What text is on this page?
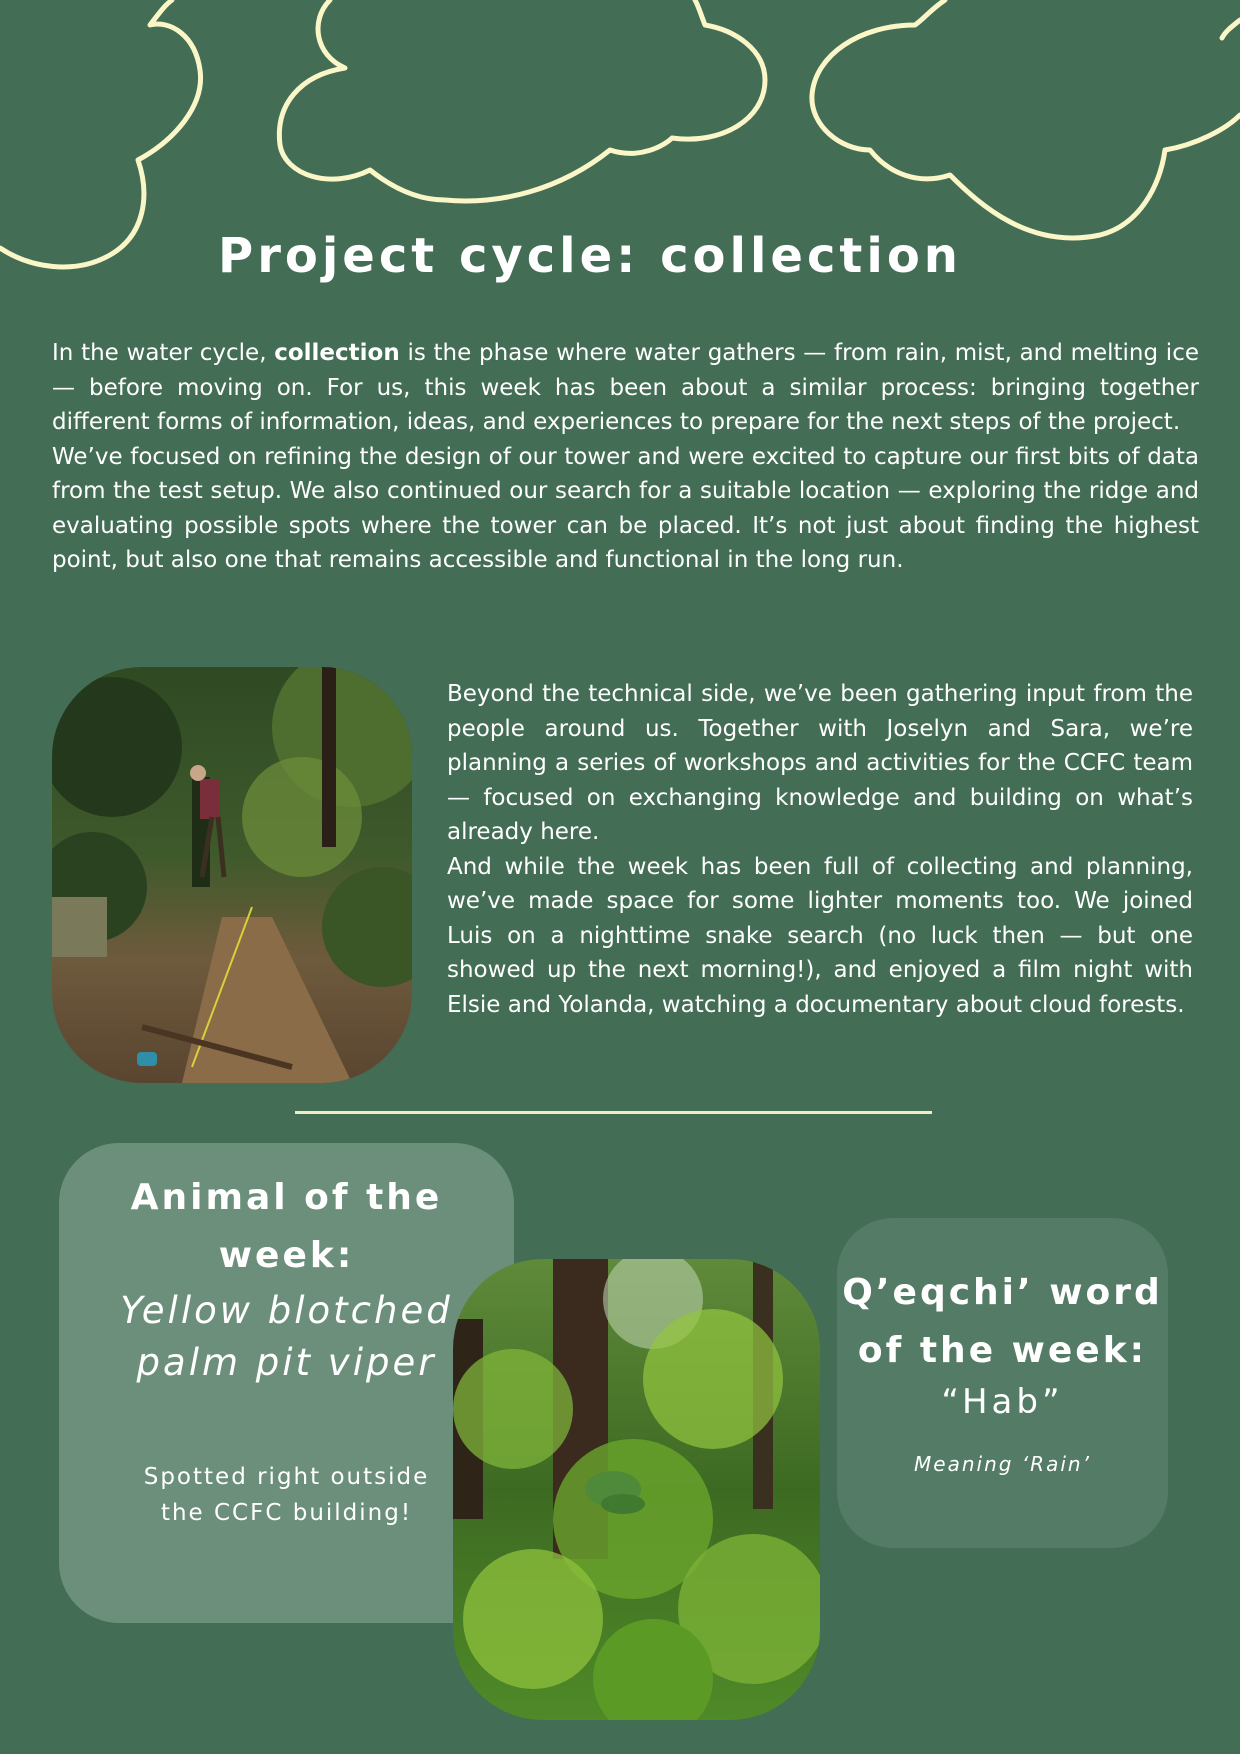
Project cycle: collection

In the water cycle, collection is the phase where water gathers — from rain, mist, and melting ice — before moving on. For us, this week has been about a similar process: bringing together different forms of information, ideas, and experiences to prepare for the next steps of the project.

We’ve focused on refining the design of our tower and were excited to capture our first bits of data from the test setup. We also continued our search for a suitable location — exploring the ridge and evaluating possible spots where the tower can be placed. It’s not just about finding the highest point, but also one that remains accessible and functional in the long run.

Beyond the technical side, we’ve been gathering input from the people around us. Together with Joselyn and Sara, we’re planning a series of workshops and activities for the CCFC team — focused on exchanging knowledge and building on what’s already here.

And while the week has been full of collecting and planning, we’ve made space for some lighter moments too. We joined Luis on a nighttime snake search (no luck then — but one showed up the next morning!), and enjoyed a film night with Elsie and Yolanda, watching a documentary about cloud forests.

Animal of the
week:

Yellow blotched
palm pit viper

Spotted right outside
the CCFC building!

Q’eqchi’ word
of the week:

“Hab”

Meaning ‘Rain’
